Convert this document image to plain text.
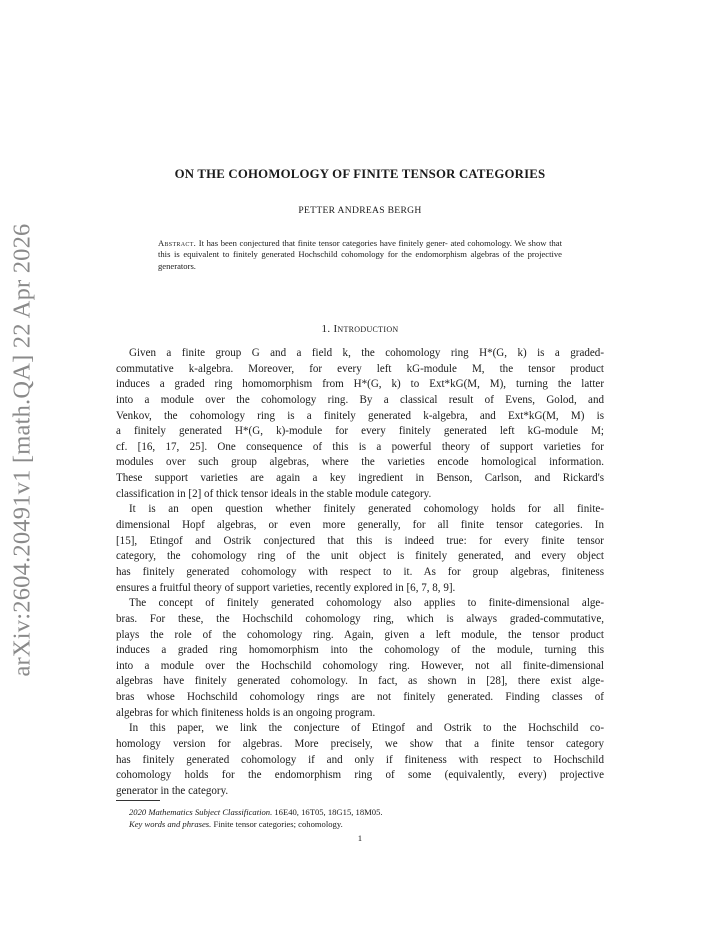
arXiv:2604.20491v1 [math.QA] 22 Apr 2026
ON THE COHOMOLOGY OF FINITE TENSOR CATEGORIES
PETTER ANDREAS BERGH
Abstract. It has been conjectured that finite tensor categories have finitely gener- ated cohomology. We show that this is equivalent to finitely generated Hochschild cohomology for the endomorphism algebras of the projective generators.
1. Introduction
Given a finite group G and a field k, the cohomology ring H*(G, k) is a graded-
commutative k-algebra. Moreover, for every left kG-module M, the tensor product
induces a graded ring homomorphism from H*(G, k) to Ext*kG(M, M), turning the latter
into a module over the cohomology ring. By a classical result of Evens, Golod, and
Venkov, the cohomology ring is a finitely generated k-algebra, and Ext*kG(M, M) is
a finitely generated H*(G, k)-module for every finitely generated left kG-module M;
cf. [16, 17, 25]. One consequence of this is a powerful theory of support varieties for
modules over such group algebras, where the varieties encode homological information.
These support varieties are again a key ingredient in Benson, Carlson, and Rickard's
classification in [2] of thick tensor ideals in the stable module category.
It is an open question whether finitely generated cohomology holds for all finite-
dimensional Hopf algebras, or even more generally, for all finite tensor categories. In
[15], Etingof and Ostrik conjectured that this is indeed true: for every finite tensor
category, the cohomology ring of the unit object is finitely generated, and every object
has finitely generated cohomology with respect to it. As for group algebras, finiteness
ensures a fruitful theory of support varieties, recently explored in [6, 7, 8, 9].
The concept of finitely generated cohomology also applies to finite-dimensional alge-
bras. For these, the Hochschild cohomology ring, which is always graded-commutative,
plays the role of the cohomology ring. Again, given a left module, the tensor product
induces a graded ring homomorphism into the cohomology of the module, turning this
into a module over the Hochschild cohomology ring. However, not all finite-dimensional
algebras have finitely generated cohomology. In fact, as shown in [28], there exist alge-
bras whose Hochschild cohomology rings are not finitely generated. Finding classes of
algebras for which finiteness holds is an ongoing program.
In this paper, we link the conjecture of Etingof and Ostrik to the Hochschild co-
homology version for algebras. More precisely, we show that a finite tensor category
has finitely generated cohomology if and only if finiteness with respect to Hochschild
cohomology holds for the endomorphism ring of some (equivalently, every) projective
generator in the category.
2020 Mathematics Subject Classification. 16E40, 16T05, 18G15, 18M05.
Key words and phrases. Finite tensor categories; cohomology.
1
